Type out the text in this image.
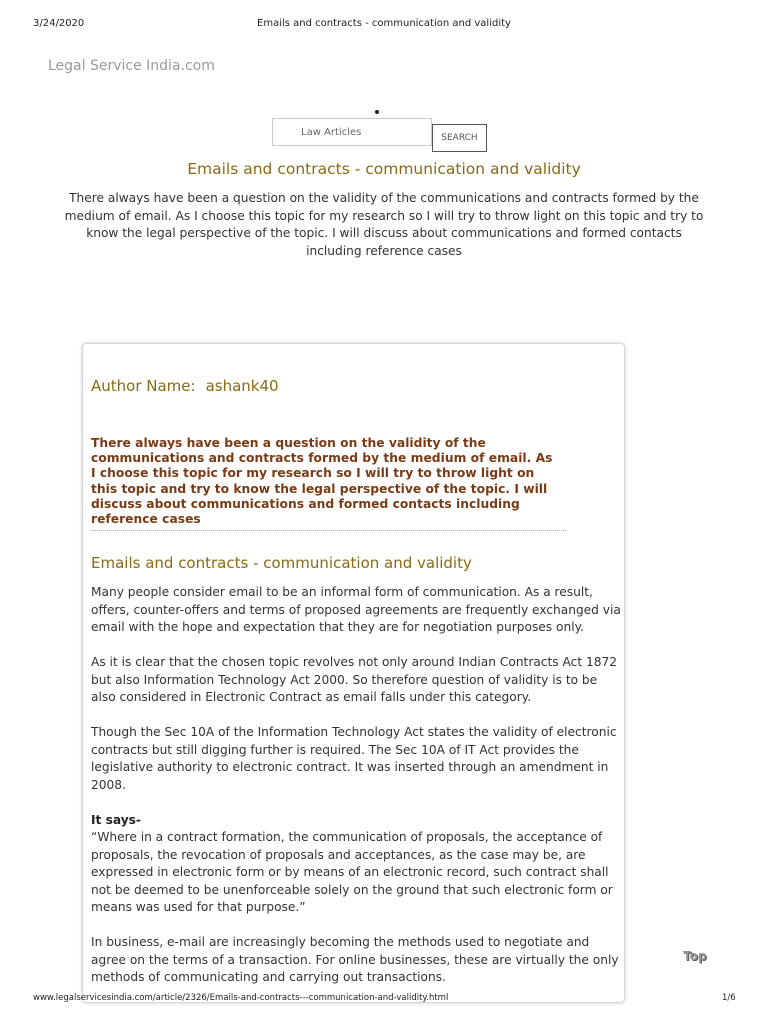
3/24/2020	Emails and contracts - communication and validity
Legal Service India.com
Law Articles	SEARCH
Emails and contracts - communication and validity
There always have been a question on the validity of the communications and contracts formed by the medium of email. As I choose this topic for my research so I will try to throw light on this topic and try to know the legal perspective of the topic. I will discuss about communications and formed contacts including reference cases
Author Name: ashank40
There always have been a question on the validity of the communications and contracts formed by the medium of email. As I choose this topic for my research so I will try to throw light on this topic and try to know the legal perspective of the topic. I will discuss about communications and formed contacts including reference cases
Emails and contracts - communication and validity

Many people consider email to be an informal form of communication. As a result, offers, counter-offers and terms of proposed agreements are frequently exchanged via email with the hope and expectation that they are for negotiation purposes only.

As it is clear that the chosen topic revolves not only around Indian Contracts Act 1872 but also Information Technology Act 2000. So therefore question of validity is to be also considered in Electronic Contract as email falls under this category.

Though the Sec 10A of the Information Technology Act states the validity of electronic contracts but still digging further is required. The Sec 10A of IT Act provides the legislative authority to electronic contract. It was inserted through an amendment in 2008.

It says-

“Where in a contract formation, the communication of proposals, the acceptance of proposals, the revocation of proposals and acceptances, as the case may be, are expressed in electronic form or by means of an electronic record, such contract shall not be deemed to be unenforceable solely on the ground that such electronic form or means was used for that purpose.”

In business, e-mail are increasingly becoming the methods used to negotiate and agree on the terms of a transaction. For online businesses, these are virtually the only methods of communicating and carrying out transactions.

Top
www.legalservicesindia.com/article/2326/Emails-and-contracts---communication-and-validity.html	1/6
